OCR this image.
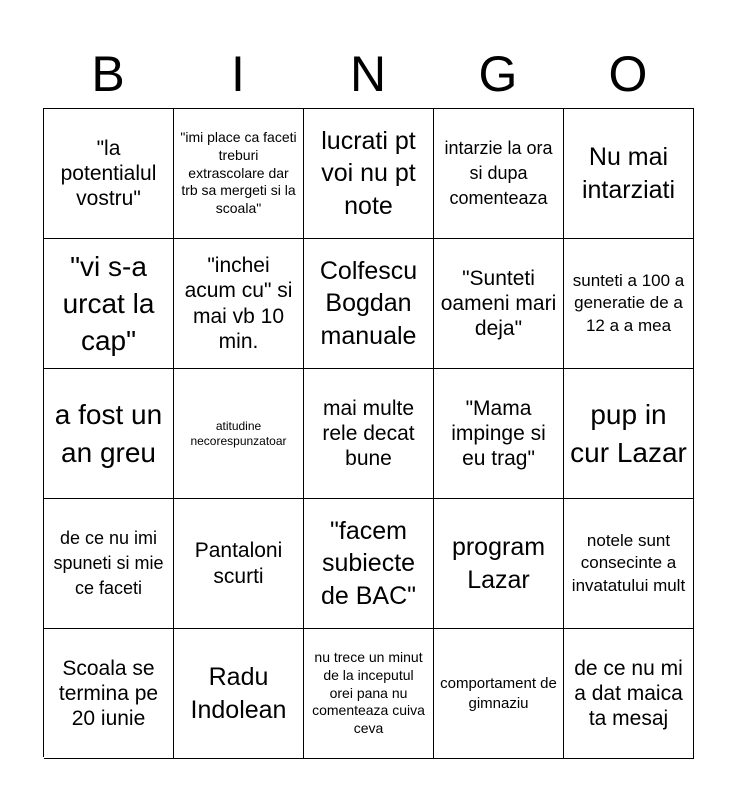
B	I	N	G	O
"la potentialul vostru"
"imi place ca faceti treburi extrascolare dar trb sa mergeti si la scoala"
lucrati pt voi nu pt note
intarzie la ora si dupa comenteaza
Nu mai intarziati
"vi s-a urcat la cap"
"inchei acum cu" si mai vb 10 min.
Colfescu Bogdan manuale
"Sunteti oameni mari deja"
sunteti a 100 a generatie de a 12 a a mea
a fost un an greu
atitudine necorespunzatoar
mai multe rele decat bune
"Mama impinge si eu trag"
pup in cur Lazar
de ce nu imi spuneti si mie ce faceti
Pantaloni scurti
"facem subiecte de BAC"
program Lazar
notele sunt consecinte a invatatului mult
Scoala se termina pe 20 iunie
Radu Indolean
nu trece un minut de la inceputul orei pana nu comenteaza cuiva ceva
comportament de gimnaziu
de ce nu mi a dat maica ta mesaj
